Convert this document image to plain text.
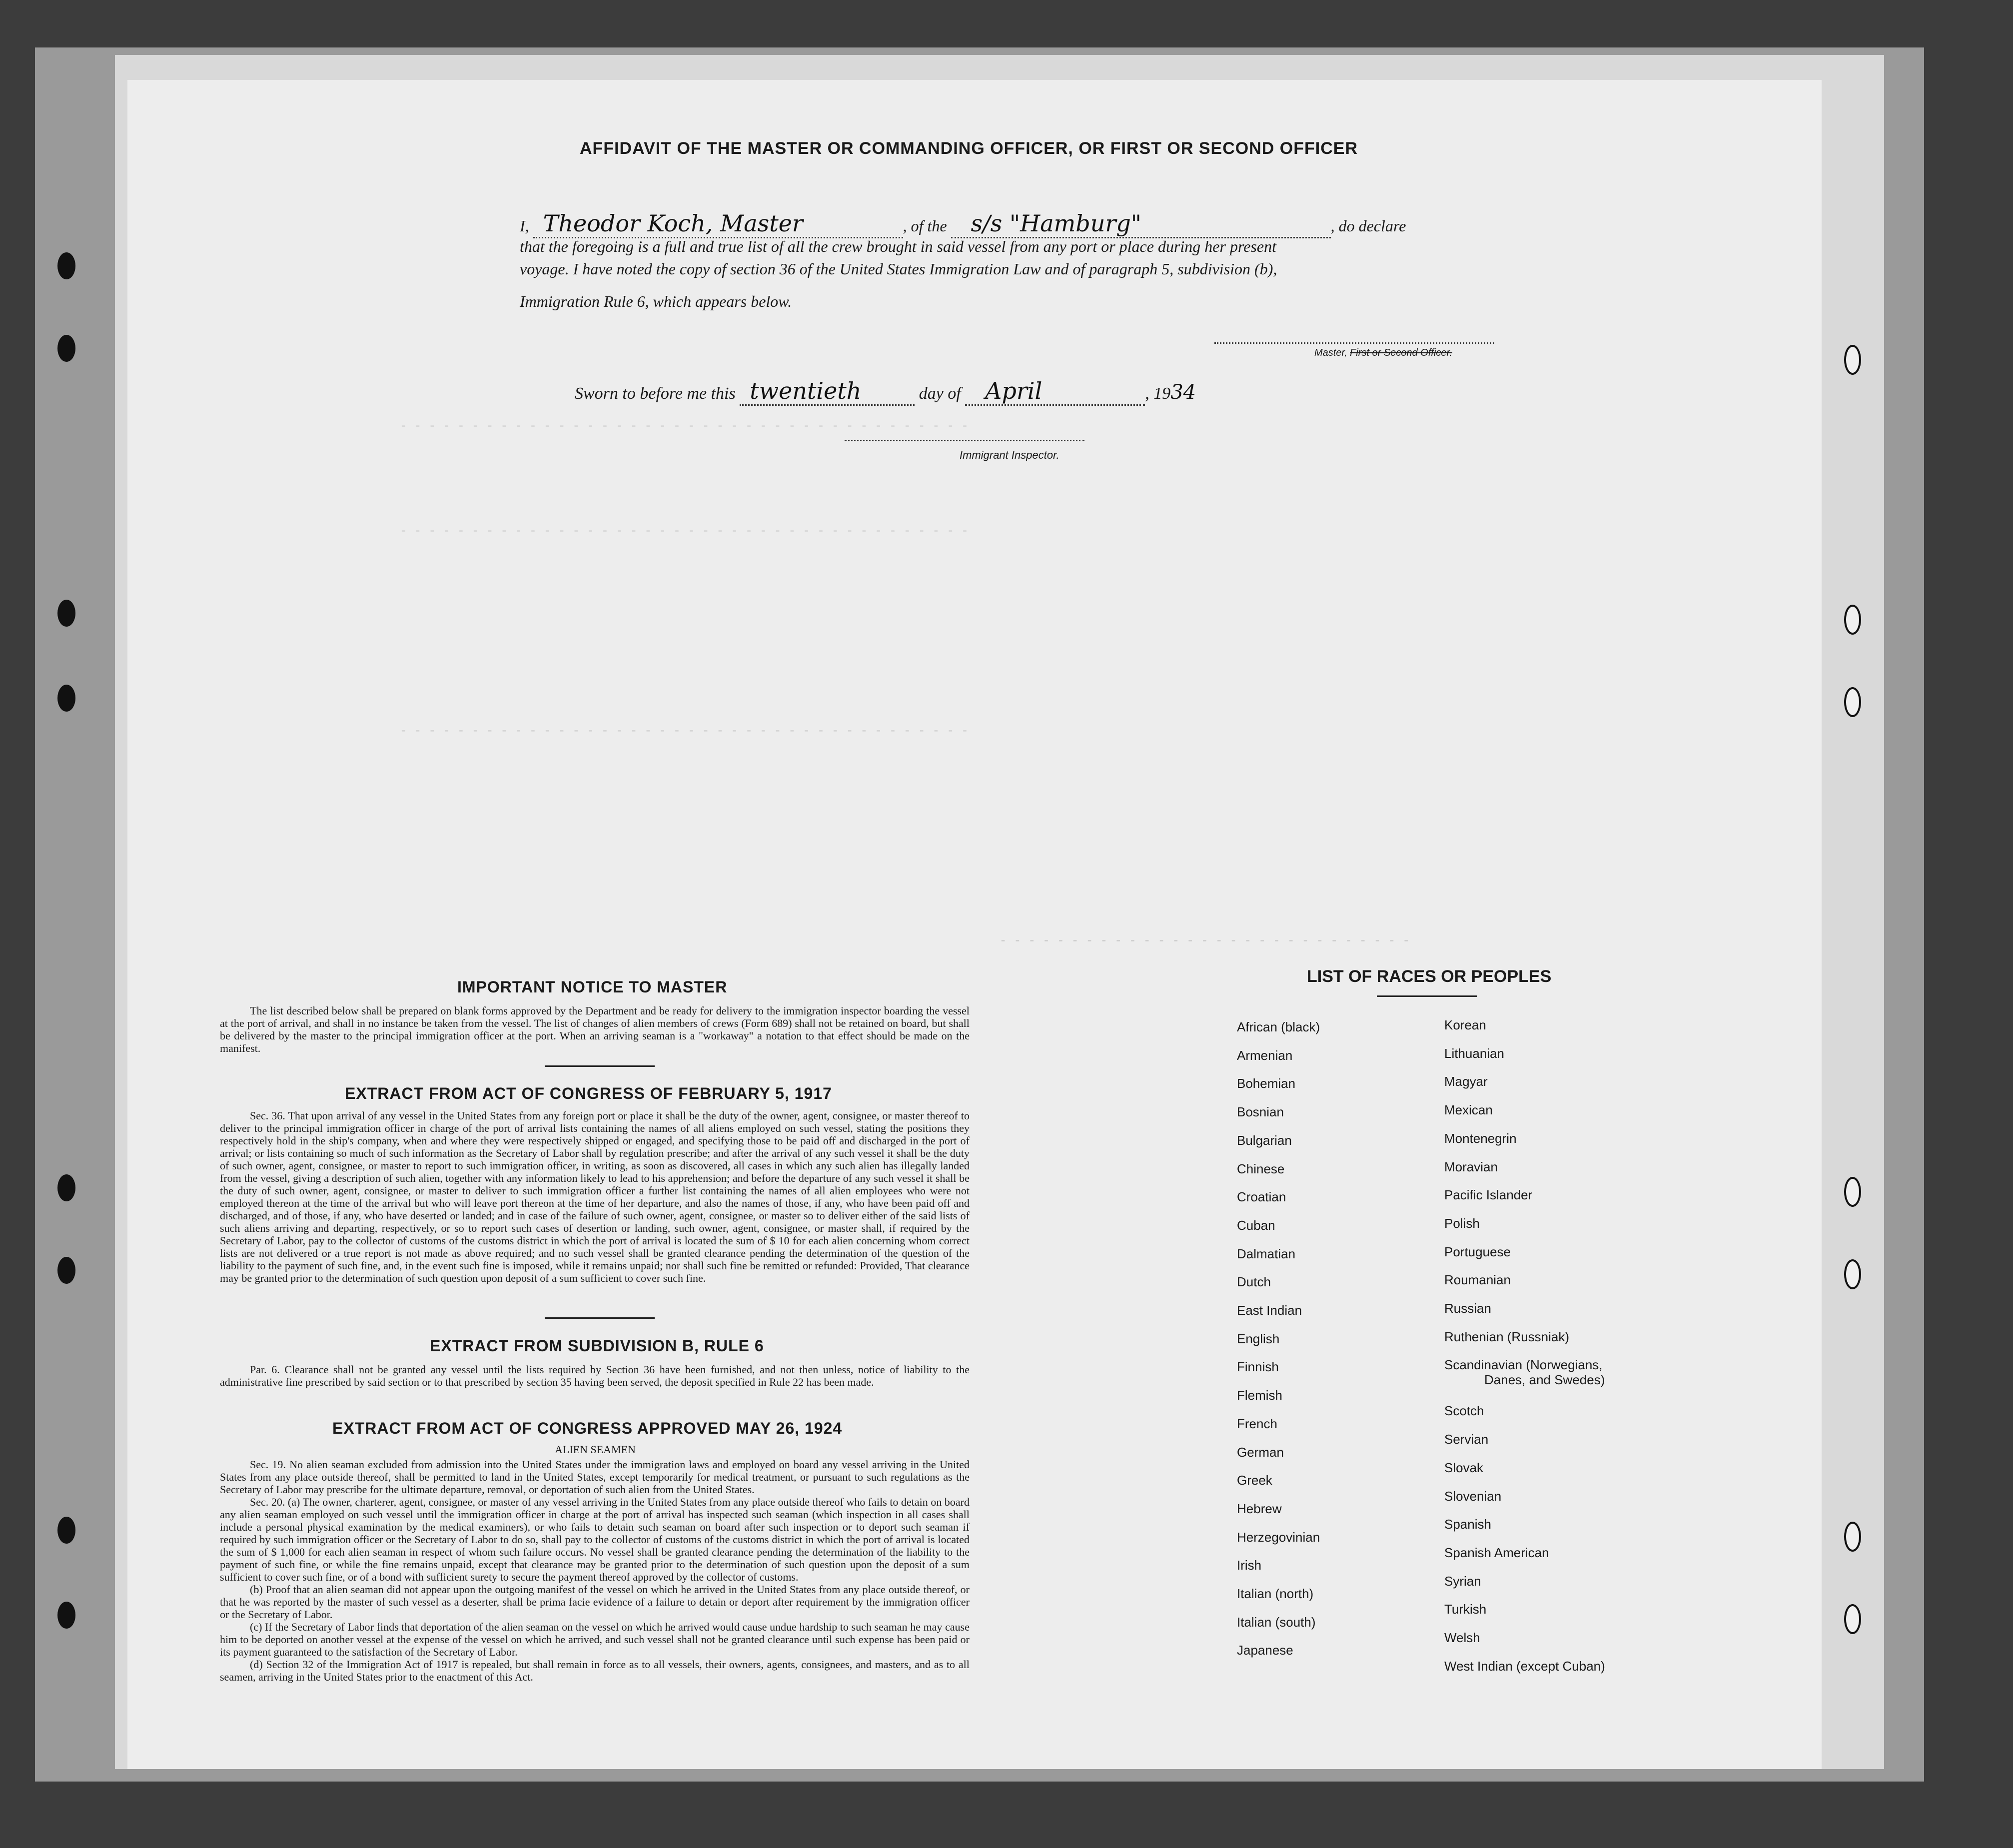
- - - - - - - - - - - - - - - - - - - - - - - - - - - - - - - - - - - - - - - -
- - - - - - - - - - - - - - - - - - - - - - - - - - - - - - - - - - - - - - - -
- - - - - - - - - - - - - - - - - - - - - - - - - - - - - - - - - - - - - - - -
- - - - - - - - - - - - - - - - - - - - - - - - - - - - -
AFFIDAVIT OF THE MASTER OR COMMANDING OFFICER, OR FIRST OR SECOND OFFICER
I, Theodor Koch, Master	, of the s/s "Hamburg"	, do declare
that the foregoing is a full and true list of all the crew brought in said vessel from any port or place during her present
voyage. I have noted the copy of section 36 of the United States Immigration Law and of paragraph 5, subdivision (b),
Immigration Rule 6, which appears below.
Master, First or Second Officer.
Sworn to before me this twentieth	day of April	, 1934
Immigrant Inspector.
IMPORTANT NOTICE TO MASTER
The list described below shall be prepared on blank forms approved by the Department and be ready for delivery to the immigration inspector boarding the vessel at the port of arrival, and shall in no instance be taken from the vessel. The list of changes of alien members of crews (Form 689) shall not be retained on board, but shall be delivered by the master to the principal immigration officer at the port. When an arriving seaman is a "workaway" a notation to that effect should be made on the manifest.
EXTRACT FROM ACT OF CONGRESS OF FEBRUARY 5, 1917
Sec. 36. That upon arrival of any vessel in the United States from any foreign port or place it shall be the duty of the owner, agent, consignee, or master thereof to deliver to the principal immigration officer in charge of the port of arrival lists containing the names of all aliens employed on such vessel, stating the positions they respectively hold in the ship's company, when and where they were respectively shipped or engaged, and specifying those to be paid off and discharged in the port of arrival; or lists containing so much of such information as the Secretary of Labor shall by regulation prescribe; and after the arrival of any such vessel it shall be the duty of such owner, agent, consignee, or master to report to such immigration officer, in writing, as soon as discovered, all cases in which any such alien has illegally landed from the vessel, giving a description of such alien, together with any information likely to lead to his apprehension; and before the departure of any such vessel it shall be the duty of such owner, agent, consignee, or master to deliver to such immigration officer a further list containing the names of all alien employees who were not employed thereon at the time of the arrival but who will leave port thereon at the time of her departure, and also the names of those, if any, who have been paid off and discharged, and of those, if any, who have deserted or landed; and in case of the failure of such owner, agent, consignee, or master so to deliver either of the said lists of such aliens arriving and departing, respectively, or so to report such cases of desertion or landing, such owner, agent, consignee, or master shall, if required by the Secretary of Labor, pay to the collector of customs of the customs district in which the port of arrival is located the sum of $ 10 for each alien concerning whom correct lists are not delivered or a true report is not made as above required; and no such vessel shall be granted clearance pending the determination of the question of the liability to the payment of such fine, and, in the event such fine is imposed, while it remains unpaid; nor shall such fine be remitted or refunded: Provided, That clearance may be granted prior to the determination of such question upon deposit of a sum sufficient to cover such fine.
EXTRACT FROM SUBDIVISION B, RULE 6
Par. 6. Clearance shall not be granted any vessel until the lists required by Section 36 have been furnished, and not then unless, notice of liability to the administrative fine prescribed by said section or to that prescribed by section 35 having been served, the deposit specified in Rule 22 has been made.
EXTRACT FROM ACT OF CONGRESS APPROVED MAY 26, 1924
ALIEN SEAMEN
Sec. 19. No alien seaman excluded from admission into the United States under the immigration laws and employed on board any vessel arriving in the United States from any place outside thereof, shall be permitted to land in the United States, except temporarily for medical treatment, or pursuant to such regulations as the Secretary of Labor may prescribe for the ultimate departure, removal, or deportation of such alien from the United States.
Sec. 20. (a) The owner, charterer, agent, consignee, or master of any vessel arriving in the United States from any place outside thereof who fails to detain on board any alien seaman employed on such vessel until the immigration officer in charge at the port of arrival has inspected such seaman (which inspection in all cases shall include a personal physical examination by the medical examiners), or who fails to detain such seaman on board after such inspection or to deport such seaman if required by such immigration officer or the Secretary of Labor to do so, shall pay to the collector of customs of the customs district in which the port of arrival is located the sum of $ 1,000 for each alien seaman in respect of whom such failure occurs. No vessel shall be granted clearance pending the determination of the liability to the payment of such fine, or while the fine remains unpaid, except that clearance may be granted prior to the determination of such question upon the deposit of a sum sufficient to cover such fine, or of a bond with sufficient surety to secure the payment thereof approved by the collector of customs.
(b) Proof that an alien seaman did not appear upon the outgoing manifest of the vessel on which he arrived in the United States from any place outside thereof, or that he was reported by the master of such vessel as a deserter, shall be prima facie evidence of a failure to detain or deport after requirement by the immigration officer or the Secretary of Labor.
(c) If the Secretary of Labor finds that deportation of the alien seaman on the vessel on which he arrived would cause undue hardship to such seaman he may cause him to be deported on another vessel at the expense of the vessel on which he arrived, and such vessel shall not be granted clearance until such expense has been paid or its payment guaranteed to the satisfaction of the Secretary of Labor.
(d) Section 32 of the Immigration Act of 1917 is repealed, but shall remain in force as to all vessels, their owners, agents, consignees, and masters, and as to all seamen, arriving in the United States prior to the enactment of this Act.
LIST OF RACES OR PEOPLES
African (black)
Armenian
Bohemian
Bosnian
Bulgarian
Chinese
Croatian
Cuban
Dalmatian
Dutch
East Indian
English
Finnish
Flemish
French
German
Greek
Hebrew
Herzegovinian
Irish
Italian (north)
Italian (south)
Japanese
Korean
Lithuanian
Magyar
Mexican
Montenegrin
Moravian
Pacific Islander
Polish
Portuguese
Roumanian
Russian
Ruthenian (Russniak)
Scandinavian (Norwegians,
Danes, and Swedes)
Scotch
Servian
Slovak
Slovenian
Spanish
Spanish American
Syrian
Turkish
Welsh
West Indian (except Cuban)
